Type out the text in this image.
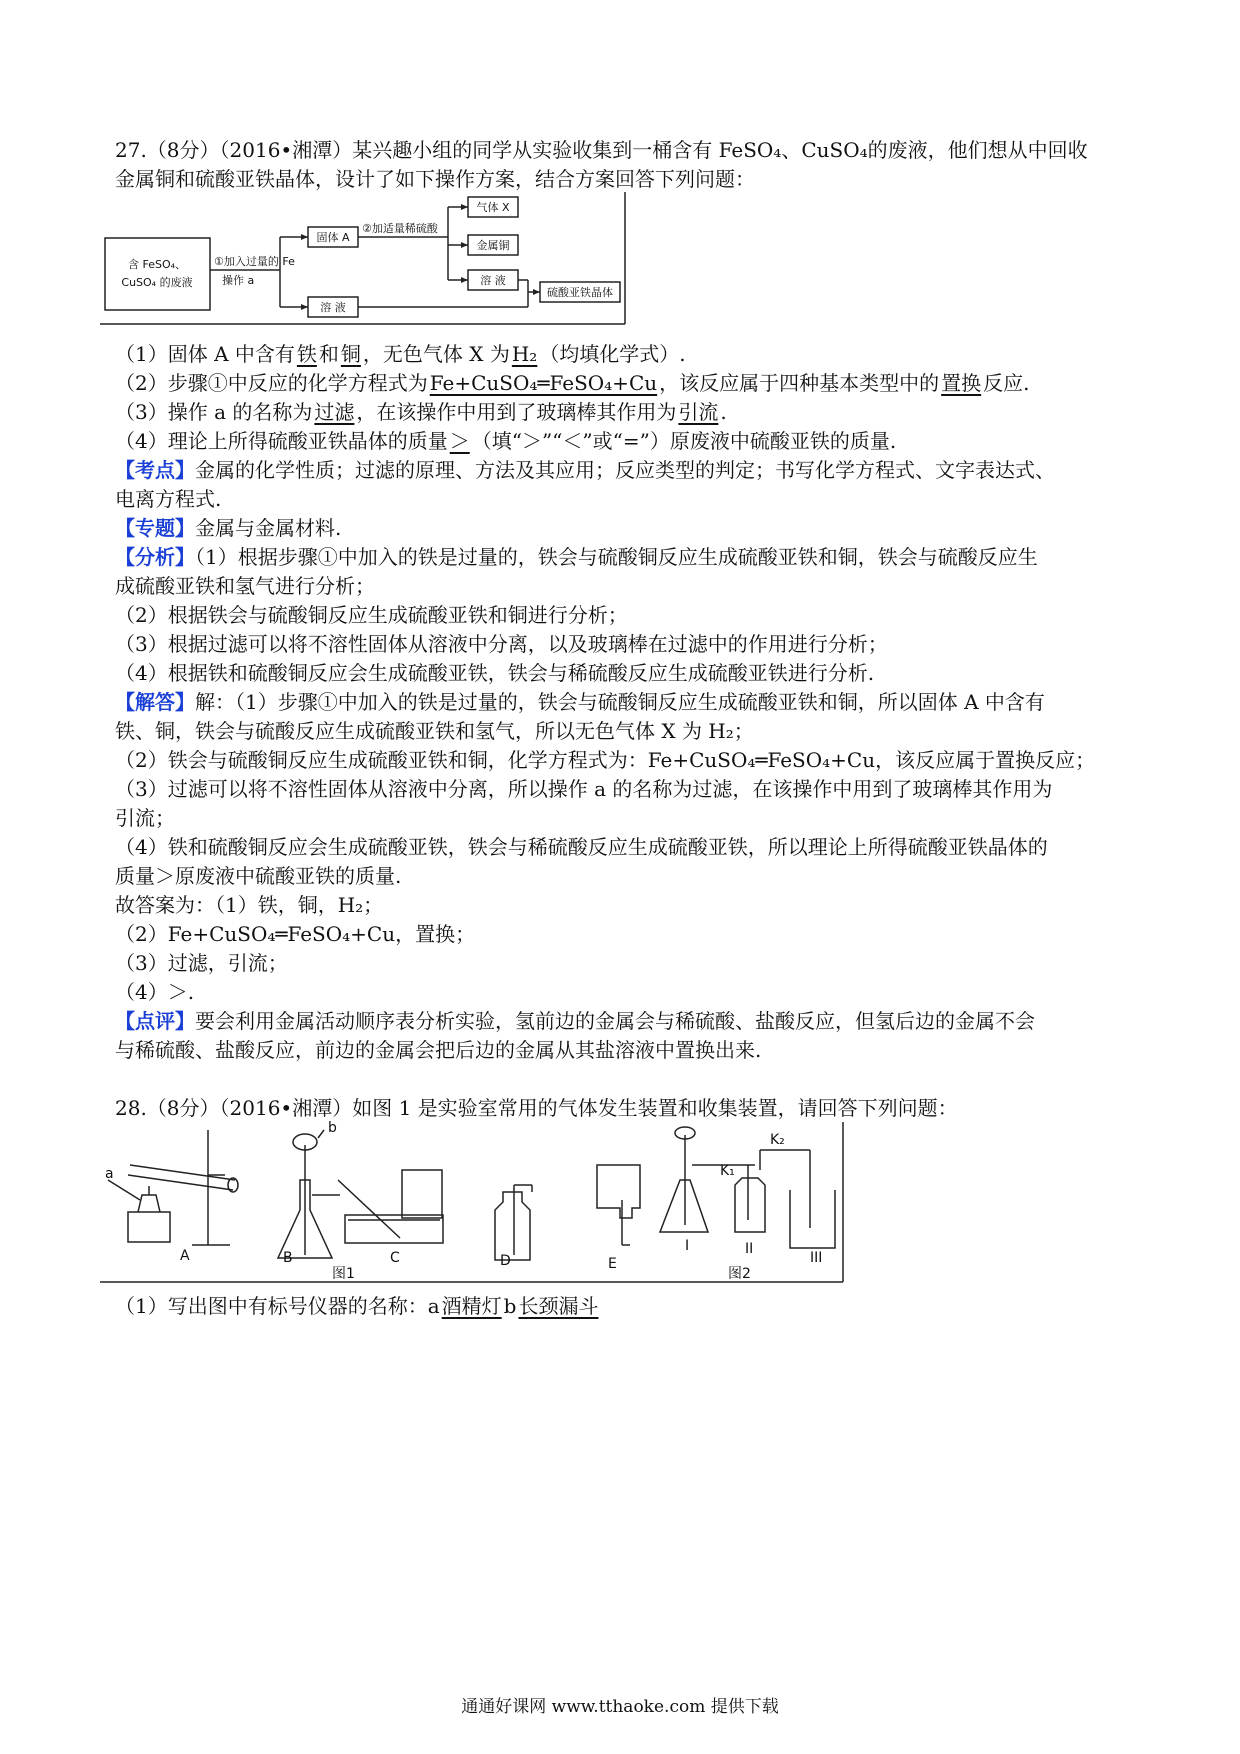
27.（8分）（2016•湘潭）某兴趣小组的同学从实验收集到一桶含有 FeSO₄、CuSO₄的废液，他们想从中回收
金属铜和硫酸亚铁晶体，设计了如下操作方案，结合方案回答下列问题：
含 FeSO₄、
CuSO₄ 的废液
①加入过量的 Fe
操作 a
固体 A
②加适量稀硫酸
气体 X
金属铜
溶 液
溶 液
硫酸亚铁晶体
（1）固体 A 中含有 铁 和 铜 ，无色气体 X 为 H₂ （均填化学式）.
（2）步骤①中反应的化学方程式为 Fe+CuSO₄═FeSO₄+Cu ，该反应属于四种基本类型中的 置换 反应.
（3）操作 a 的名称为 过滤 ，在该操作中用到了玻璃棒其作用为 引流 .
（4）理论上所得硫酸亚铁晶体的质量 ＞ （填“＞”“＜”或“=”）原废液中硫酸亚铁的质量.
【考点】金属的化学性质；过滤的原理、方法及其应用；反应类型的判定；书写化学方程式、文字表达式、
电离方程式.
【专题】金属与金属材料.
【分析】（1）根据步骤①中加入的铁是过量的，铁会与硫酸铜反应生成硫酸亚铁和铜，铁会与硫酸反应生
成硫酸亚铁和氢气进行分析；
（2）根据铁会与硫酸铜反应生成硫酸亚铁和铜进行分析；
（3）根据过滤可以将不溶性固体从溶液中分离，以及玻璃棒在过滤中的作用进行分析；
（4）根据铁和硫酸铜反应会生成硫酸亚铁，铁会与稀硫酸反应生成硫酸亚铁进行分析.
【解答】解：（1）步骤①中加入的铁是过量的，铁会与硫酸铜反应生成硫酸亚铁和铜，所以固体 A 中含有
铁、铜，铁会与硫酸反应生成硫酸亚铁和氢气，所以无色气体 X 为 H₂；
（2）铁会与硫酸铜反应生成硫酸亚铁和铜，化学方程式为：Fe+CuSO₄═FeSO₄+Cu，该反应属于置换反应；
（3）过滤可以将不溶性固体从溶液中分离，所以操作 a 的名称为过滤，在该操作中用到了玻璃棒其作用为
引流；
（4）铁和硫酸铜反应会生成硫酸亚铁，铁会与稀硫酸反应生成硫酸亚铁，所以理论上所得硫酸亚铁晶体的
质量＞原废液中硫酸亚铁的质量.
故答案为：（1）铁，铜，H₂；
（2）Fe+CuSO₄═FeSO₄+Cu，置换；
（3）过滤，引流；
（4）＞.
【点评】要会利用金属活动顺序表分析实验，氢前边的金属会与稀硫酸、盐酸反应，但氢后边的金属不会
与稀硫酸、盐酸反应，前边的金属会把后边的金属从其盐溶液中置换出来.
28.（8分）（2016•湘潭）如图 1 是实验室常用的气体发生装置和收集装置，请回答下列问题：
a
b
A	B	C	D	E
I	II
III
K₁
K₂
图1	图2
（1）写出图中有标号仪器的名称：a 酒精灯 b 长颈漏斗
通通好课网 www.tthaoke.com 提供下载
